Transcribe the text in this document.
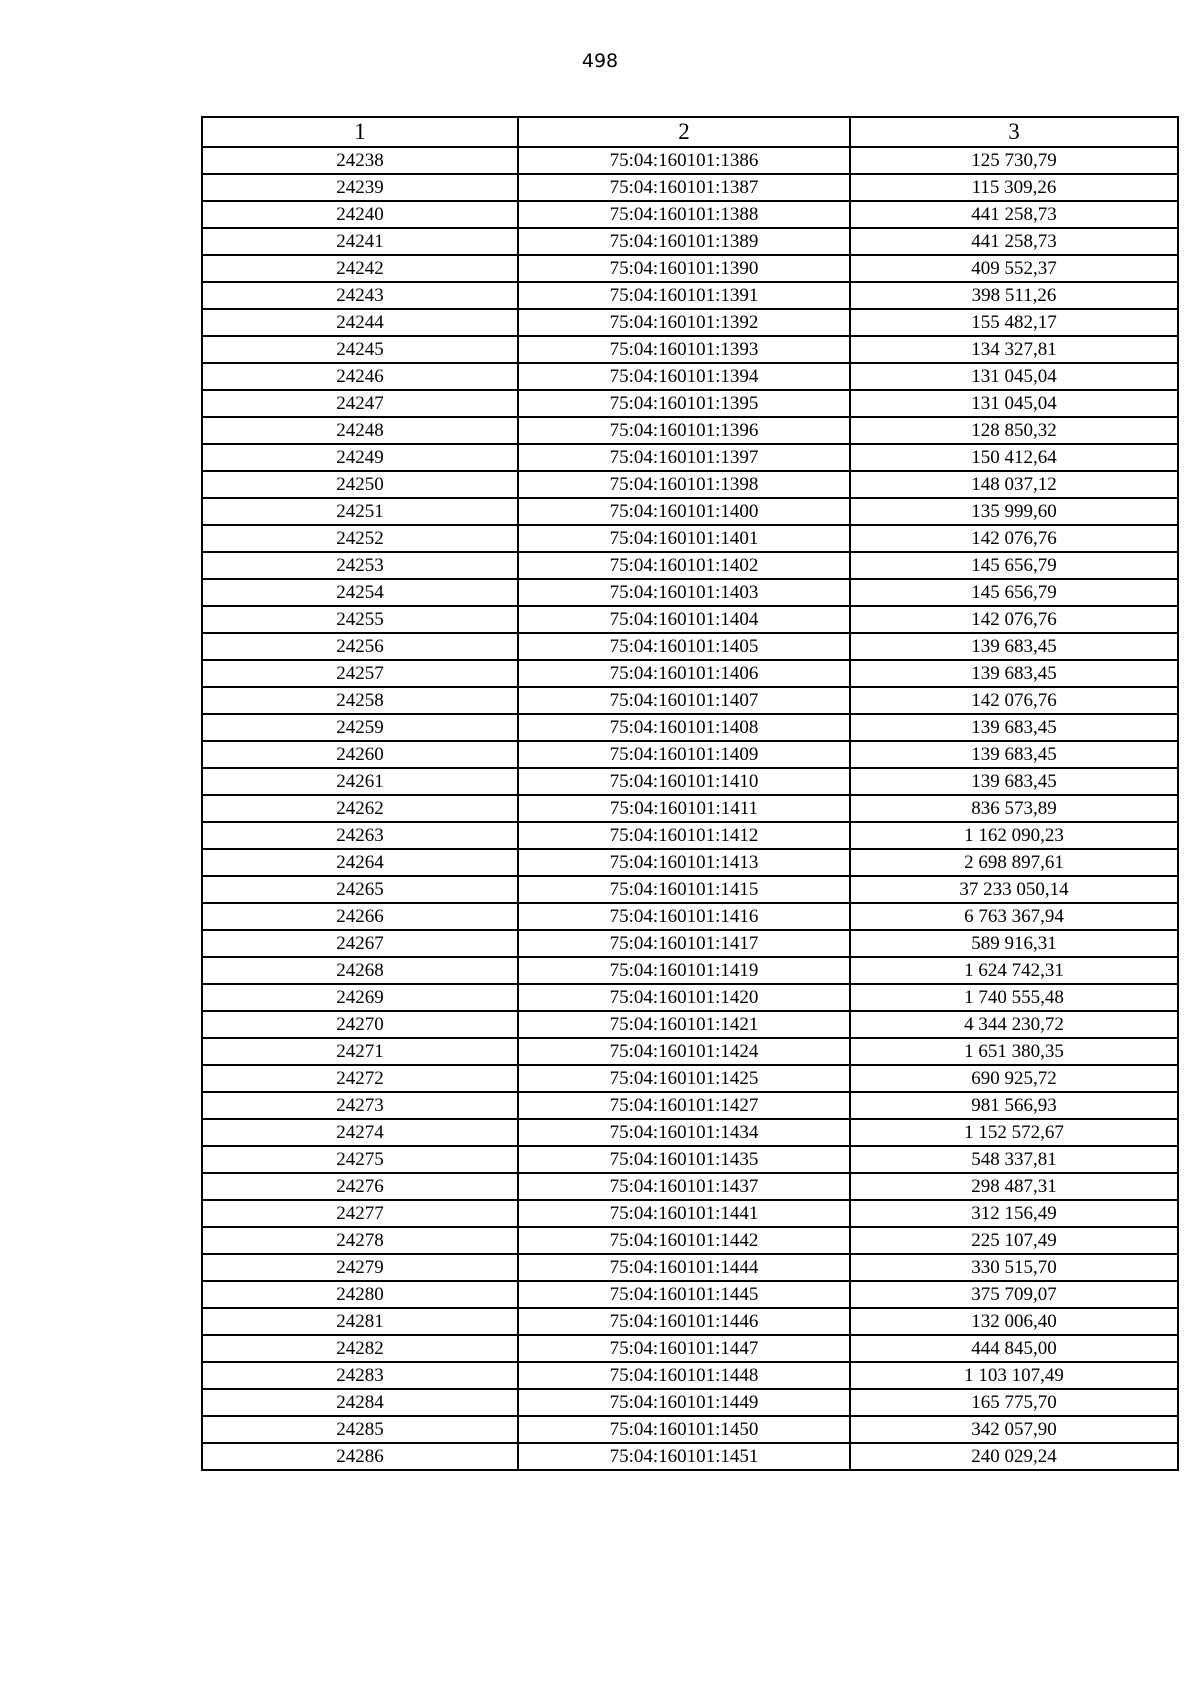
498
1	2	3
24238	75:04:160101:1386	125 730,79
24239	75:04:160101:1387	115 309,26
24240	75:04:160101:1388	441 258,73
24241	75:04:160101:1389	441 258,73
24242	75:04:160101:1390	409 552,37
24243	75:04:160101:1391	398 511,26
24244	75:04:160101:1392	155 482,17
24245	75:04:160101:1393	134 327,81
24246	75:04:160101:1394	131 045,04
24247	75:04:160101:1395	131 045,04
24248	75:04:160101:1396	128 850,32
24249	75:04:160101:1397	150 412,64
24250	75:04:160101:1398	148 037,12
24251	75:04:160101:1400	135 999,60
24252	75:04:160101:1401	142 076,76
24253	75:04:160101:1402	145 656,79
24254	75:04:160101:1403	145 656,79
24255	75:04:160101:1404	142 076,76
24256	75:04:160101:1405	139 683,45
24257	75:04:160101:1406	139 683,45
24258	75:04:160101:1407	142 076,76
24259	75:04:160101:1408	139 683,45
24260	75:04:160101:1409	139 683,45
24261	75:04:160101:1410	139 683,45
24262	75:04:160101:1411	836 573,89
24263	75:04:160101:1412	1 162 090,23
24264	75:04:160101:1413	2 698 897,61
24265	75:04:160101:1415	37 233 050,14
24266	75:04:160101:1416	6 763 367,94
24267	75:04:160101:1417	589 916,31
24268	75:04:160101:1419	1 624 742,31
24269	75:04:160101:1420	1 740 555,48
24270	75:04:160101:1421	4 344 230,72
24271	75:04:160101:1424	1 651 380,35
24272	75:04:160101:1425	690 925,72
24273	75:04:160101:1427	981 566,93
24274	75:04:160101:1434	1 152 572,67
24275	75:04:160101:1435	548 337,81
24276	75:04:160101:1437	298 487,31
24277	75:04:160101:1441	312 156,49
24278	75:04:160101:1442	225 107,49
24279	75:04:160101:1444	330 515,70
24280	75:04:160101:1445	375 709,07
24281	75:04:160101:1446	132 006,40
24282	75:04:160101:1447	444 845,00
24283	75:04:160101:1448	1 103 107,49
24284	75:04:160101:1449	165 775,70
24285	75:04:160101:1450	342 057,90
24286	75:04:160101:1451	240 029,24
